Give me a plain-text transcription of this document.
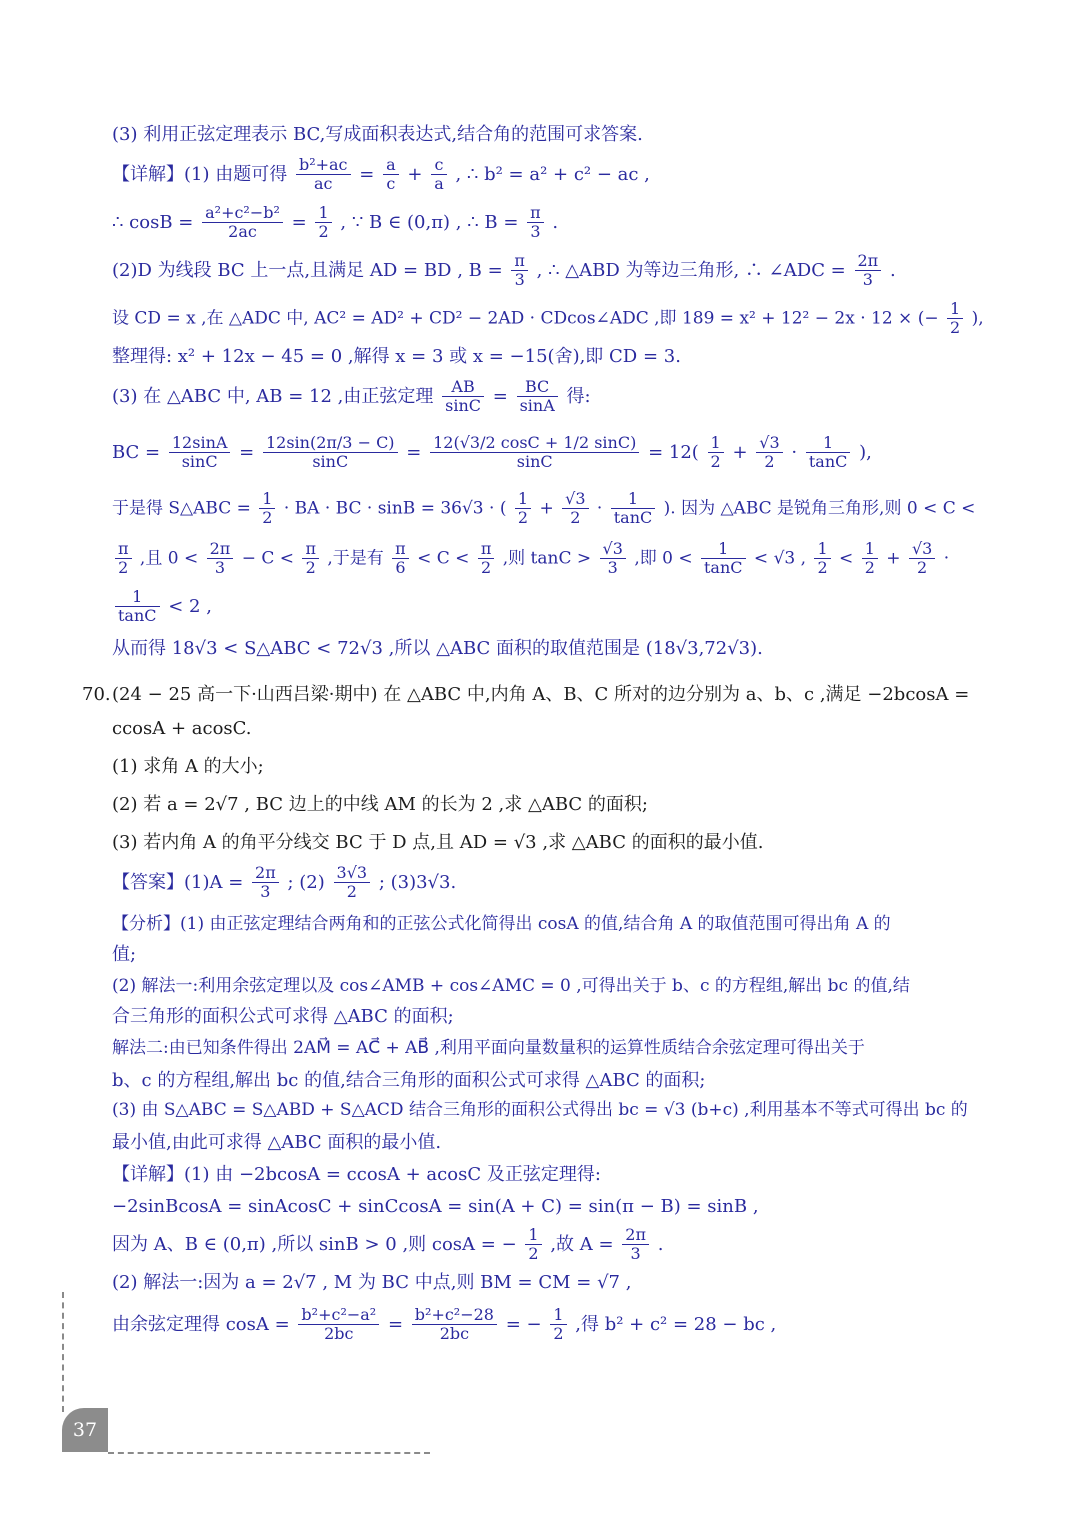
(3) 利用正弦定理表示 BC,写成面积表达式,结合角的范围可求答案.
【详解】(1) 由题可得 $\frac{\text{b²+ac}}{ac} = \frac{a}{c} + \frac{c}{a}$ , ∴ b² = a² + c² − ac ,
∴ $\cos B = \frac{\text{a²+c²−b²}}{2ac} = \frac{1}{2}$ , ∵ B ∈ (0,π) , ∴ $B = \frac{\pi}{3}$ .
(2)D 为线段 BC 上一点,且满足 AD = BD , $B = \frac{\pi}{3}$ , ∴ △ABD 为等边三角形, ∴ ∠ADC = $\frac{2\pi}{3}$ .
设 CD = x ,在 △ADC 中, AC² = AD² + CD² − 2AD · CDcos∠ADC ,即 189 = x² + 12² − 2x · 12 × (− $\frac{1}{2}$ ),
整理得: x² + 12x − 45 = 0 ,解得 x = 3 或 x = −15(舍),即 CD = 3.
(3) 在 △ABC 中, AB = 12 ,由正弦定理 $\frac{AB}{\sin C} = \frac{BC}{\sin A}$ 得:
BC = $\frac{12\sin A}{\sin C} = \frac{12\sin(2\pi/3 - C)}{\sin C} = \frac{12(√3/2 \cos C + 1/2 \sin C)}{\sin C} = 12( \frac{1}{2} + \frac{√3}{2} \cdot \frac{1}{\tan C}$ ),
于是得 S△ABC = $\frac{1}{2}$ · BA · BC · sinB = 36√3 · ( $\frac{1}{2} + \frac{√3}{2} \cdot \frac{1}{\tan C}$ ). 因为 △ABC 是锐角三角形,则 0 < C <
$\frac{\pi}{2}$ ,且 $0 < \frac{2\pi}{3} - C < \frac{\pi}{2}$ ,于是有 $\frac{\pi}{6} < C < \frac{\pi}{2}$ ,则 $\tan C > \frac{√3}{3}$ ,即 $0 < \frac{1}{\tan C} < √3$ , $\frac{1}{2} < \frac{1}{2} + \frac{√3}{2}$ ·
$\frac{1}{\tan C} < 2$ ,
从而得 18√3 < S△ABC < 72√3 ,所以 △ABC 面积的取值范围是 (18√3,72√3).
70. (24 − 25 高一下·山西吕梁·期中) 在 △ABC 中,内角 A、B、C 所对的边分别为 a、b、c ,满足 −2bcosA =
ccosA + acosC.
(1) 求角 A 的大小;
(2) 若 a = 2√7 , BC 边上的中线 AM 的长为 2 ,求 △ABC 的面积;
(3) 若内角 A 的角平分线交 BC 于 D 点,且 AD = √3 ,求 △ABC 的面积的最小值.
【答案】$(1)A = \frac{2\pi}{3}$ ; $(2) \frac{3√3}{2}$ ; (3)3√3.
【分析】(1) 由正弦定理结合两角和的正弦公式化简得出 cosA 的值,结合角 A 的取值范围可得出角 A 的
值;
(2) 解法一:利用余弦定理以及 cos∠AMB + cos∠AMC = 0 ,可得出关于 b、c 的方程组,解出 bc 的值,结
合三角形的面积公式可求得 △ABC 的面积;
解法二:由已知条件得出 2AM⃗ = AC⃗ + AB⃗ ,利用平面向量数量积的运算性质结合余弦定理可得出关于
b、c 的方程组,解出 bc 的值,结合三角形的面积公式可求得 △ABC 的面积;
(3) 由 S△ABC = S△ABD + S△ACD 结合三角形的面积公式得出 bc = √3 (b+c) ,利用基本不等式可得出 bc 的
最小值,由此可求得 △ABC 面积的最小值.
【详解】(1) 由 −2bcosA = ccosA + acosC 及正弦定理得:
−2sinBcosA = sinAcosC + sinCcosA = sin(A + C) = sin(π − B) = sinB ,
因为 A、B ∈ (0,π) ,所以 sinB > 0 ,则 cosA = − $\frac{1}{2}$ ,故 $A = \frac{2\pi}{3}$ .
(2) 解法一:因为 a = 2√7 , M 为 BC 中点,则 BM = CM = √7 ,
由余弦定理得 $\cos A = \frac{\text{b²+c²−a²}}{2bc} = \frac{\text{b²+c²−28}}{2bc}$ = − $\frac{1}{2}$ ,得 b² + c² = 28 − bc ,
37
